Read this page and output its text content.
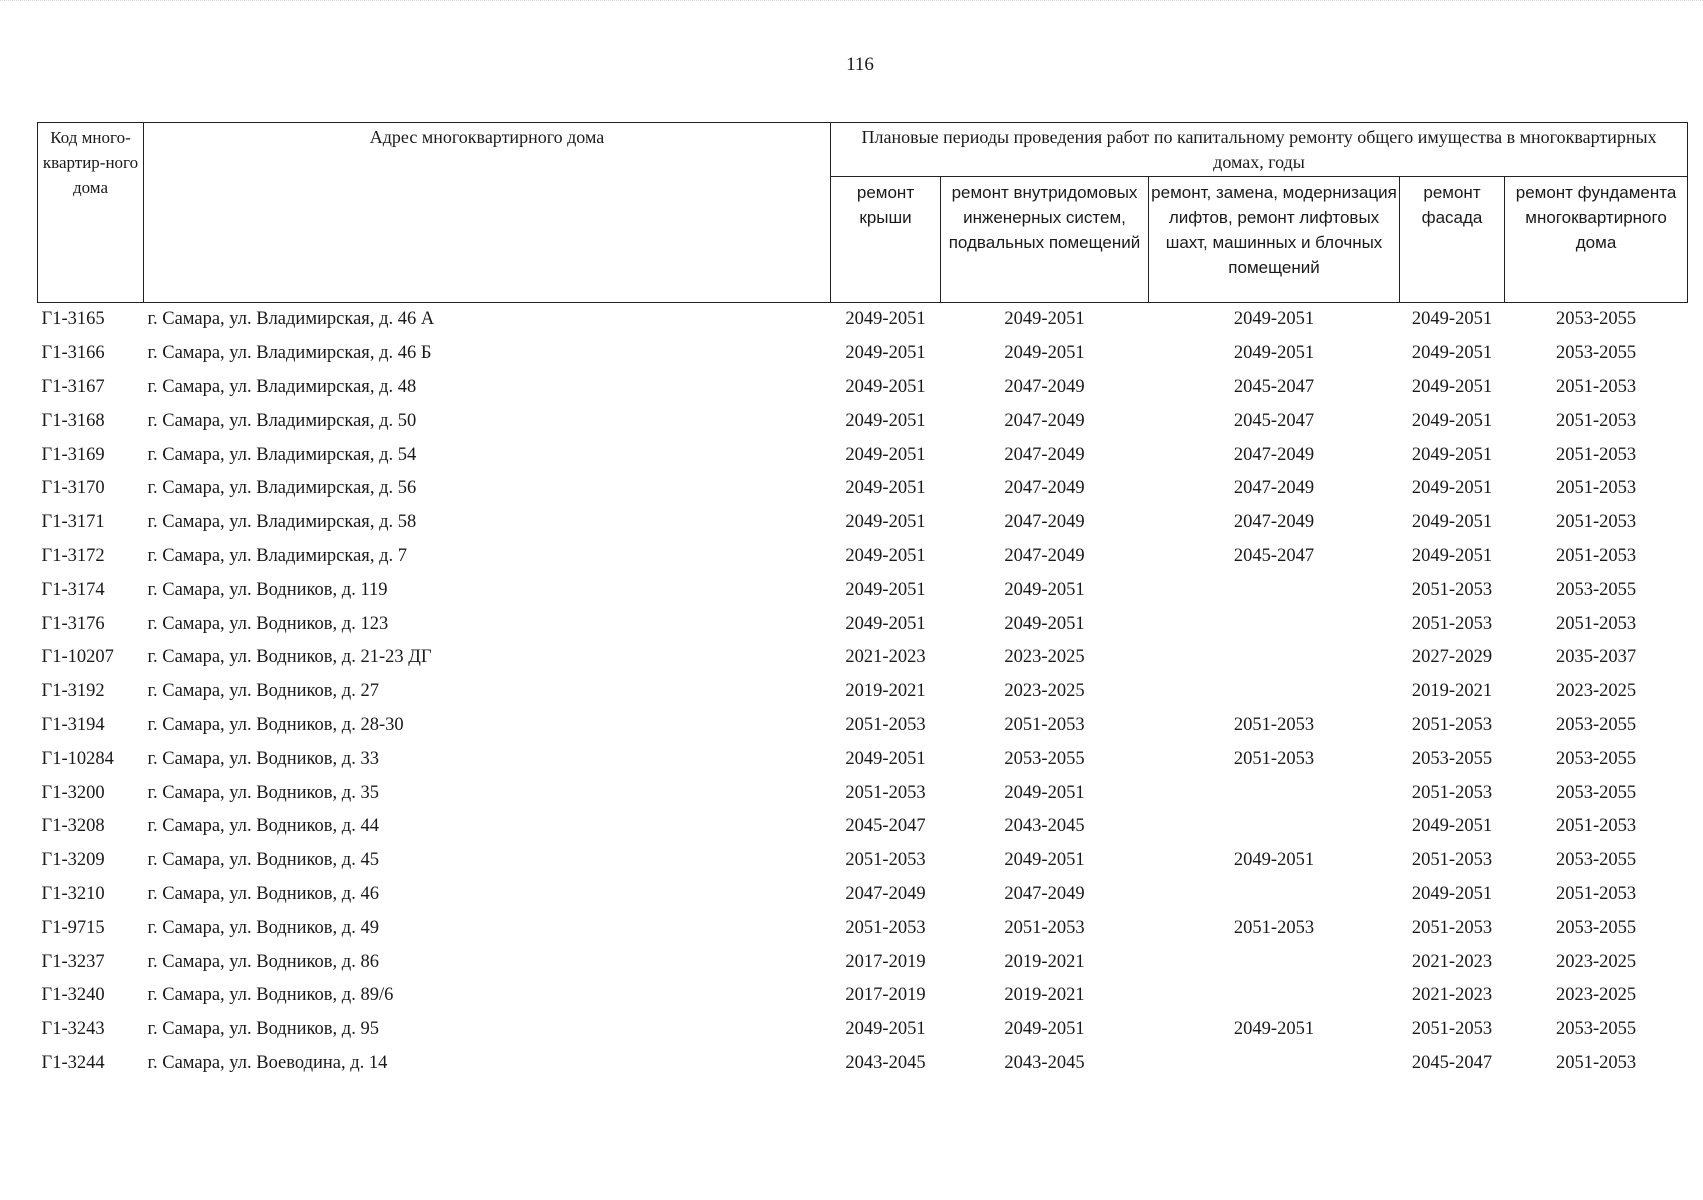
116
Код много-квартир-ного дома	Адрес многоквартирного дома	Плановые периоды проведения работ по капитальному ремонту общего имущества в многоквартирных домах, годы				
		ремонт крыши	ремонт внутридомовых инженерных систем, подвальных помещений	ремонт, замена, модернизация лифтов, ремонт лифтовых шахт, машинных и блочных помещений	ремонт фасада	ремонт фундамента многоквартирного дома
Г1-3165	г. Самара, ул. Владимирская, д. 46 А	2049-2051	2049-2051	2049-2051	2049-2051	2053-2055
Г1-3166	г. Самара, ул. Владимирская, д. 46 Б	2049-2051	2049-2051	2049-2051	2049-2051	2053-2055
Г1-3167	г. Самара, ул. Владимирская, д. 48	2049-2051	2047-2049	2045-2047	2049-2051	2051-2053
Г1-3168	г. Самара, ул. Владимирская, д. 50	2049-2051	2047-2049	2045-2047	2049-2051	2051-2053
Г1-3169	г. Самара, ул. Владимирская, д. 54	2049-2051	2047-2049	2047-2049	2049-2051	2051-2053
Г1-3170	г. Самара, ул. Владимирская, д. 56	2049-2051	2047-2049	2047-2049	2049-2051	2051-2053
Г1-3171	г. Самара, ул. Владимирская, д. 58	2049-2051	2047-2049	2047-2049	2049-2051	2051-2053
Г1-3172	г. Самара, ул. Владимирская, д. 7	2049-2051	2047-2049	2045-2047	2049-2051	2051-2053
Г1-3174	г. Самара, ул. Водников, д. 119	2049-2051	2049-2051		2051-2053	2053-2055
Г1-3176	г. Самара, ул. Водников, д. 123	2049-2051	2049-2051		2051-2053	2051-2053
Г1-10207	г. Самара, ул. Водников, д. 21-23 ДГ	2021-2023	2023-2025		2027-2029	2035-2037
Г1-3192	г. Самара, ул. Водников, д. 27	2019-2021	2023-2025		2019-2021	2023-2025
Г1-3194	г. Самара, ул. Водников, д. 28-30	2051-2053	2051-2053	2051-2053	2051-2053	2053-2055
Г1-10284	г. Самара, ул. Водников, д. 33	2049-2051	2053-2055	2051-2053	2053-2055	2053-2055
Г1-3200	г. Самара, ул. Водников, д. 35	2051-2053	2049-2051		2051-2053	2053-2055
Г1-3208	г. Самара, ул. Водников, д. 44	2045-2047	2043-2045		2049-2051	2051-2053
Г1-3209	г. Самара, ул. Водников, д. 45	2051-2053	2049-2051	2049-2051	2051-2053	2053-2055
Г1-3210	г. Самара, ул. Водников, д. 46	2047-2049	2047-2049		2049-2051	2051-2053
Г1-9715	г. Самара, ул. Водников, д. 49	2051-2053	2051-2053	2051-2053	2051-2053	2053-2055
Г1-3237	г. Самара, ул. Водников, д. 86	2017-2019	2019-2021		2021-2023	2023-2025
Г1-3240	г. Самара, ул. Водников, д. 89/6	2017-2019	2019-2021		2021-2023	2023-2025
Г1-3243	г. Самара, ул. Водников, д. 95	2049-2051	2049-2051	2049-2051	2051-2053	2053-2055
Г1-3244	г. Самара, ул. Воеводина, д. 14	2043-2045	2043-2045		2045-2047	2051-2053
